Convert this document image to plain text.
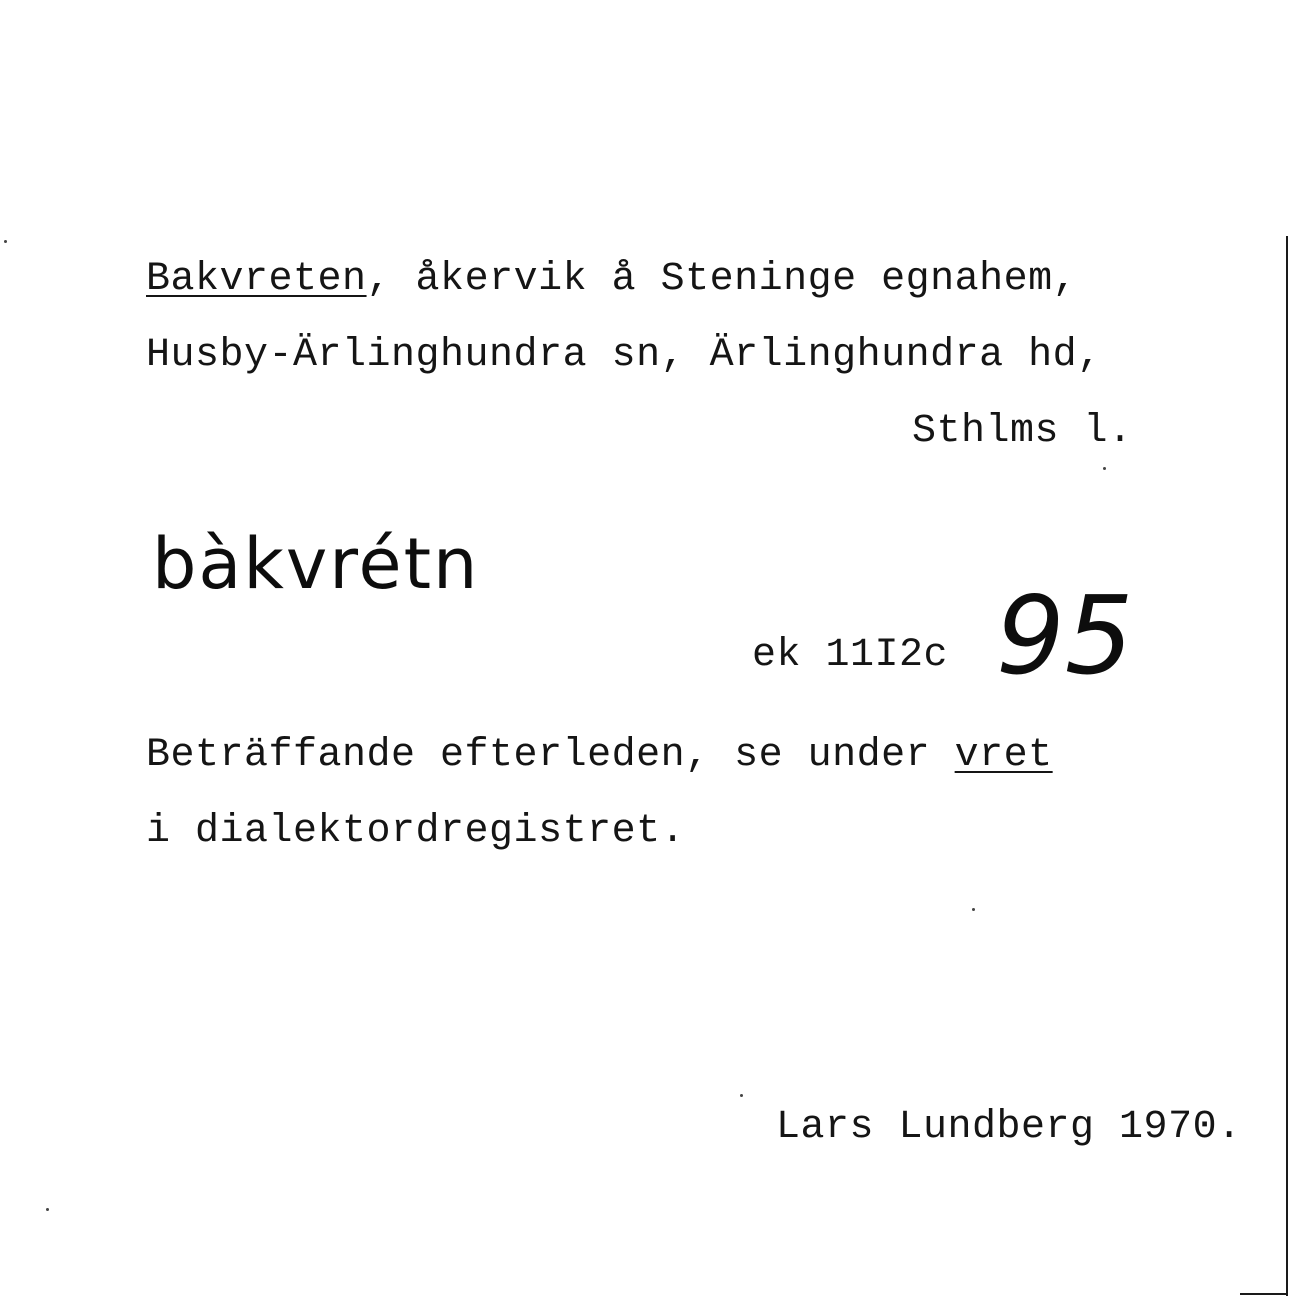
Bakvreten, åkervik å Steninge egnahem,
Husby-Ärlinghundra sn, Ärlinghundra hd,
Sthlms l.
bàkvrétn
ek 11I2c 95
Beträffande efterleden, se under vret
i dialektordregistret.
Lars Lundberg 1970.
